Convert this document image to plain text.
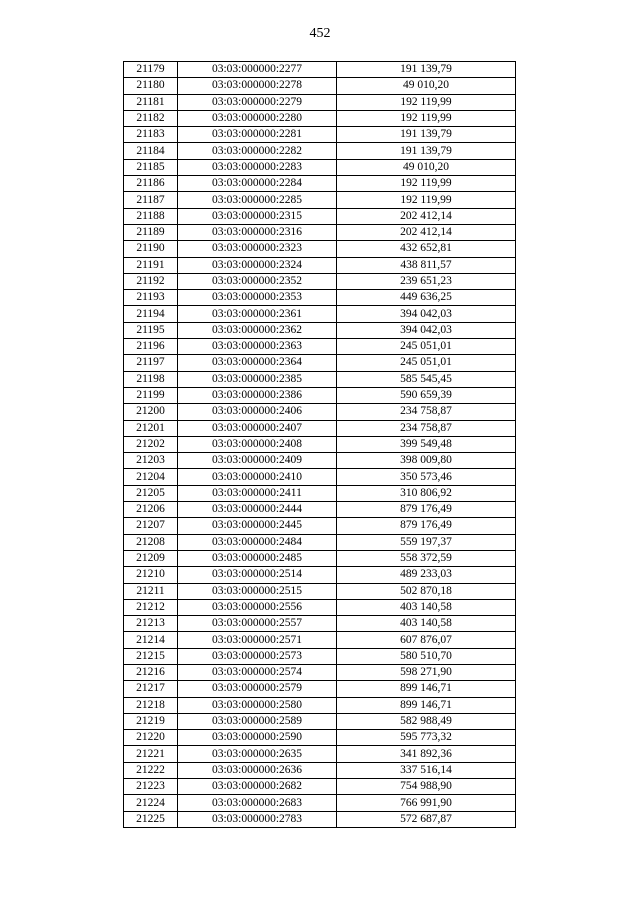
452
21179	03:03:000000:2277	191 139,79
21180	03:03:000000:2278	49 010,20
21181	03:03:000000:2279	192 119,99
21182	03:03:000000:2280	192 119,99
21183	03:03:000000:2281	191 139,79
21184	03:03:000000:2282	191 139,79
21185	03:03:000000:2283	49 010,20
21186	03:03:000000:2284	192 119,99
21187	03:03:000000:2285	192 119,99
21188	03:03:000000:2315	202 412,14
21189	03:03:000000:2316	202 412,14
21190	03:03:000000:2323	432 652,81
21191	03:03:000000:2324	438 811,57
21192	03:03:000000:2352	239 651,23
21193	03:03:000000:2353	449 636,25
21194	03:03:000000:2361	394 042,03
21195	03:03:000000:2362	394 042,03
21196	03:03:000000:2363	245 051,01
21197	03:03:000000:2364	245 051,01
21198	03:03:000000:2385	585 545,45
21199	03:03:000000:2386	590 659,39
21200	03:03:000000:2406	234 758,87
21201	03:03:000000:2407	234 758,87
21202	03:03:000000:2408	399 549,48
21203	03:03:000000:2409	398 009,80
21204	03:03:000000:2410	350 573,46
21205	03:03:000000:2411	310 806,92
21206	03:03:000000:2444	879 176,49
21207	03:03:000000:2445	879 176,49
21208	03:03:000000:2484	559 197,37
21209	03:03:000000:2485	558 372,59
21210	03:03:000000:2514	489 233,03
21211	03:03:000000:2515	502 870,18
21212	03:03:000000:2556	403 140,58
21213	03:03:000000:2557	403 140,58
21214	03:03:000000:2571	607 876,07
21215	03:03:000000:2573	580 510,70
21216	03:03:000000:2574	598 271,90
21217	03:03:000000:2579	899 146,71
21218	03:03:000000:2580	899 146,71
21219	03:03:000000:2589	582 988,49
21220	03:03:000000:2590	595 773,32
21221	03:03:000000:2635	341 892,36
21222	03:03:000000:2636	337 516,14
21223	03:03:000000:2682	754 988,90
21224	03:03:000000:2683	766 991,90
21225	03:03:000000:2783	572 687,87
